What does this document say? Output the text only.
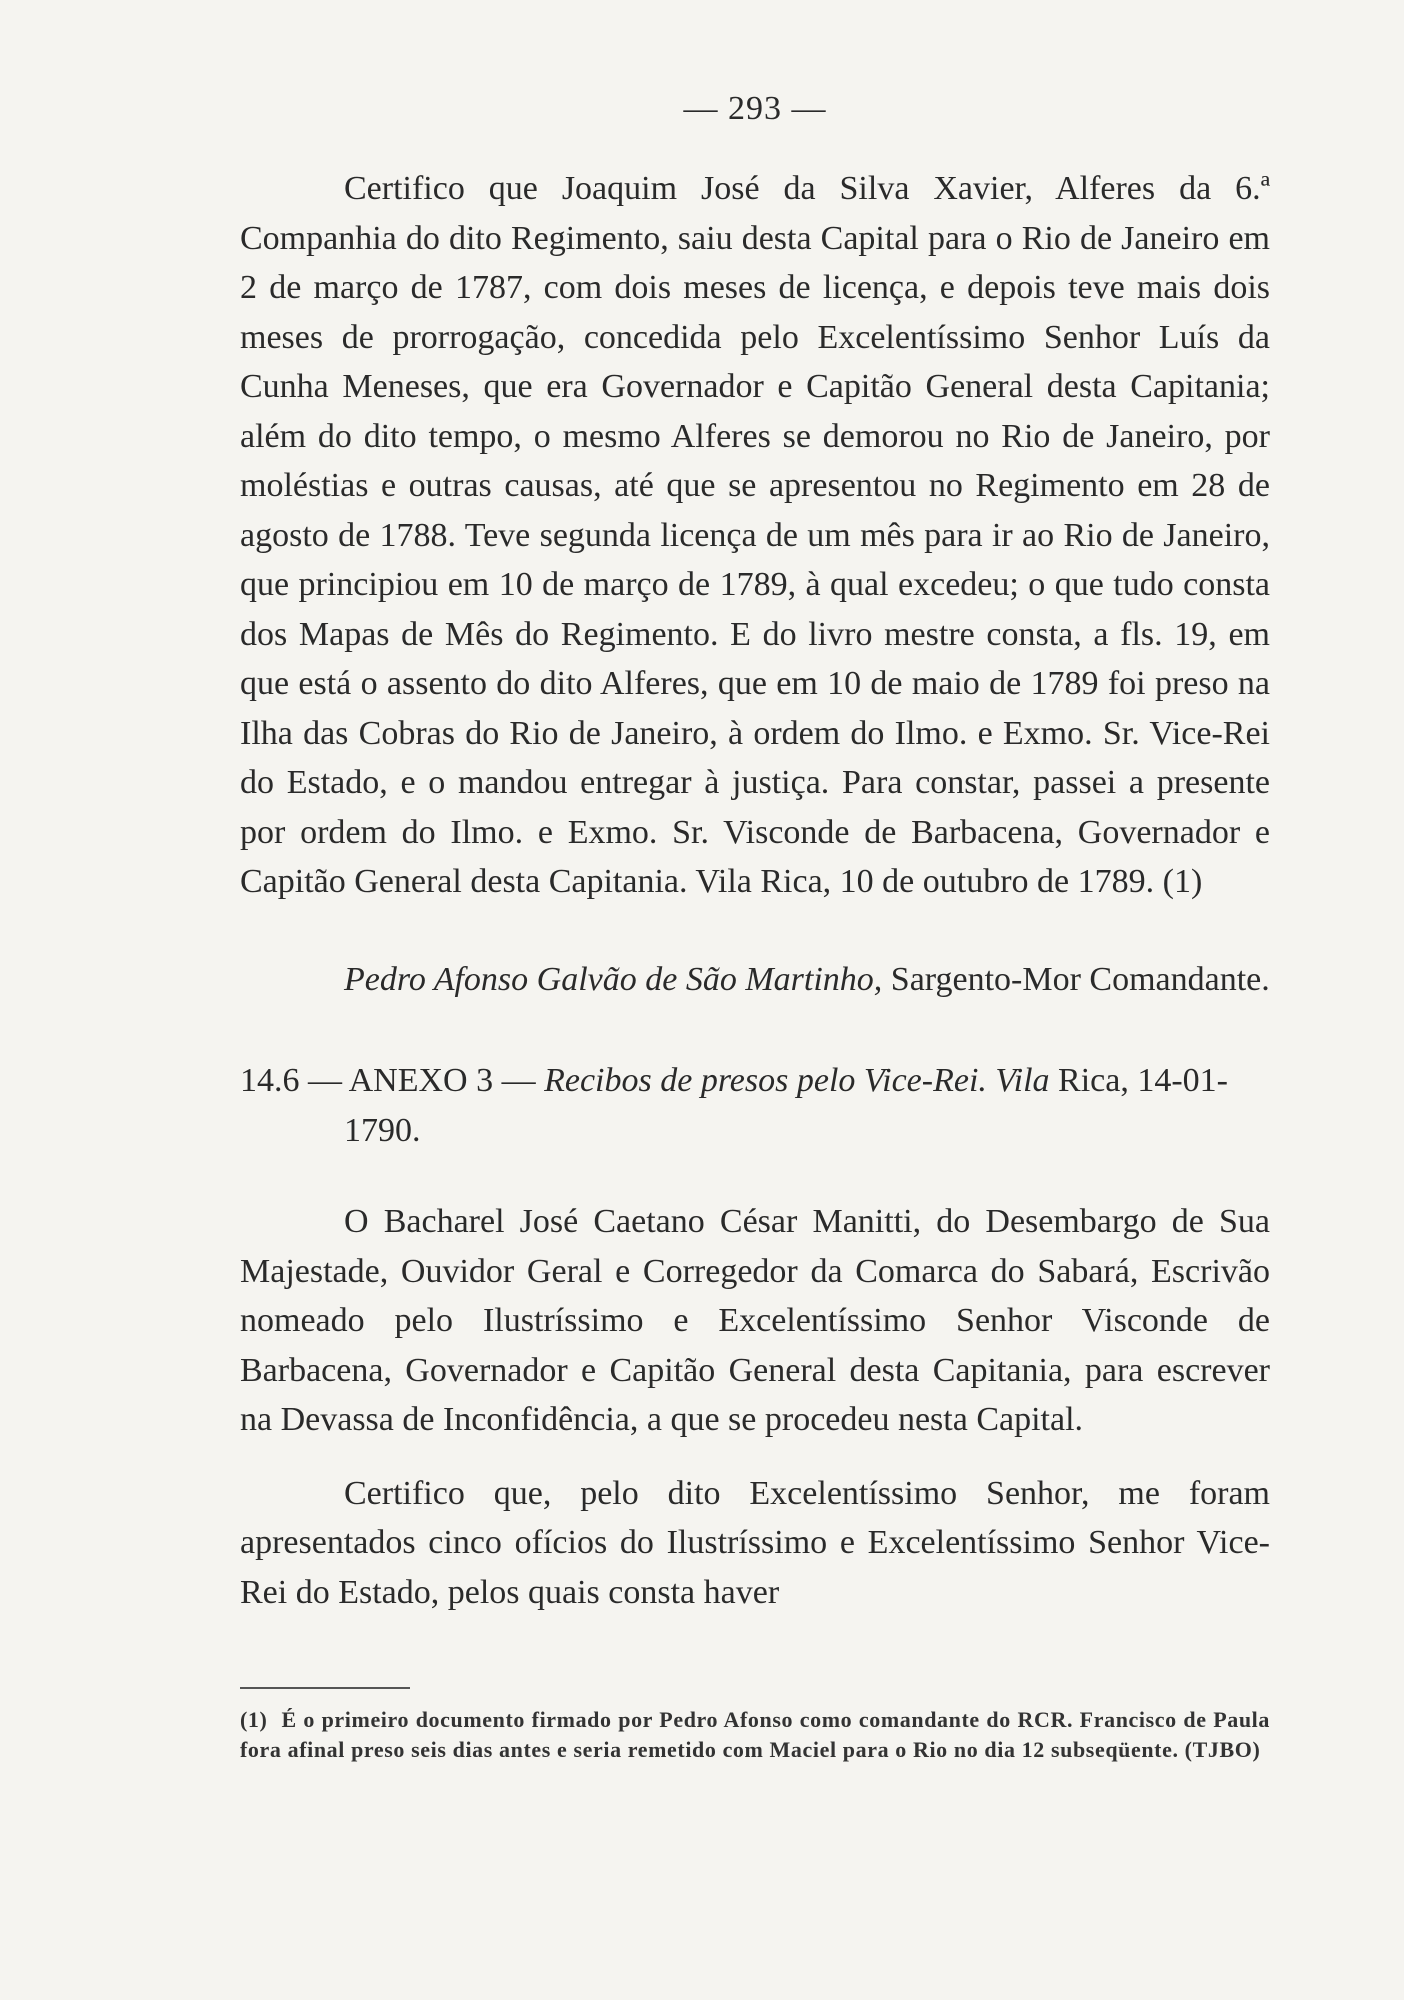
— 293 —

Certifico que Joaquim José da Silva Xavier, Alferes da 6.ª Companhia do dito Regimento, saiu desta Capital para o Rio de Janeiro em 2 de março de 1787, com dois meses de licença, e depois teve mais dois meses de prorrogação, concedida pelo Excelentíssimo Senhor Luís da Cunha Meneses, que era Governador e Capitão General desta Capitania; além do dito tempo, o mesmo Alferes se demorou no Rio de Janeiro, por moléstias e outras causas, até que se apresentou no Regimento em 28 de agosto de 1788. Teve segunda licença de um mês para ir ao Rio de Janeiro, que principiou em 10 de março de 1789, à qual excedeu; o que tudo consta dos Mapas de Mês do Regimento. E do livro mestre consta, a fls. 19, em que está o assento do dito Alferes, que em 10 de maio de 1789 foi preso na Ilha das Cobras do Rio de Janeiro, à ordem do Ilmo. e Exmo. Sr. Vice-Rei do Estado, e o mandou entregar à justiça. Para constar, passei a presente por ordem do Ilmo. e Exmo. Sr. Visconde de Barbacena, Governador e Capitão General desta Capitania. Vila Rica, 10 de outubro de 1789. (1)

Pedro Afonso Galvão de São Martinho, Sargento-Mor Comandante.

14.6 — ANEXO 3 — Recibos de presos pelo Vice-Rei. Vila Rica, 14-01-1790.

O Bacharel José Caetano César Manitti, do Desembargo de Sua Majestade, Ouvidor Geral e Corregedor da Comarca do Sabará, Escrivão nomeado pelo Ilustríssimo e Excelentíssimo Senhor Visconde de Barbacena, Governador e Capitão General desta Capitania, para escrever na Devassa de Inconfidência, a que se procedeu nesta Capital.

Certifico que, pelo dito Excelentíssimo Senhor, me foram apresentados cinco ofícios do Ilustríssimo e Excelentíssimo Senhor Vice-Rei do Estado, pelos quais consta haver

(1) É o primeiro documento firmado por Pedro Afonso como comandante do RCR. Francisco de Paula fora afinal preso seis dias antes e seria remetido com Maciel para o Rio no dia 12 subseqüente. (TJBO)
